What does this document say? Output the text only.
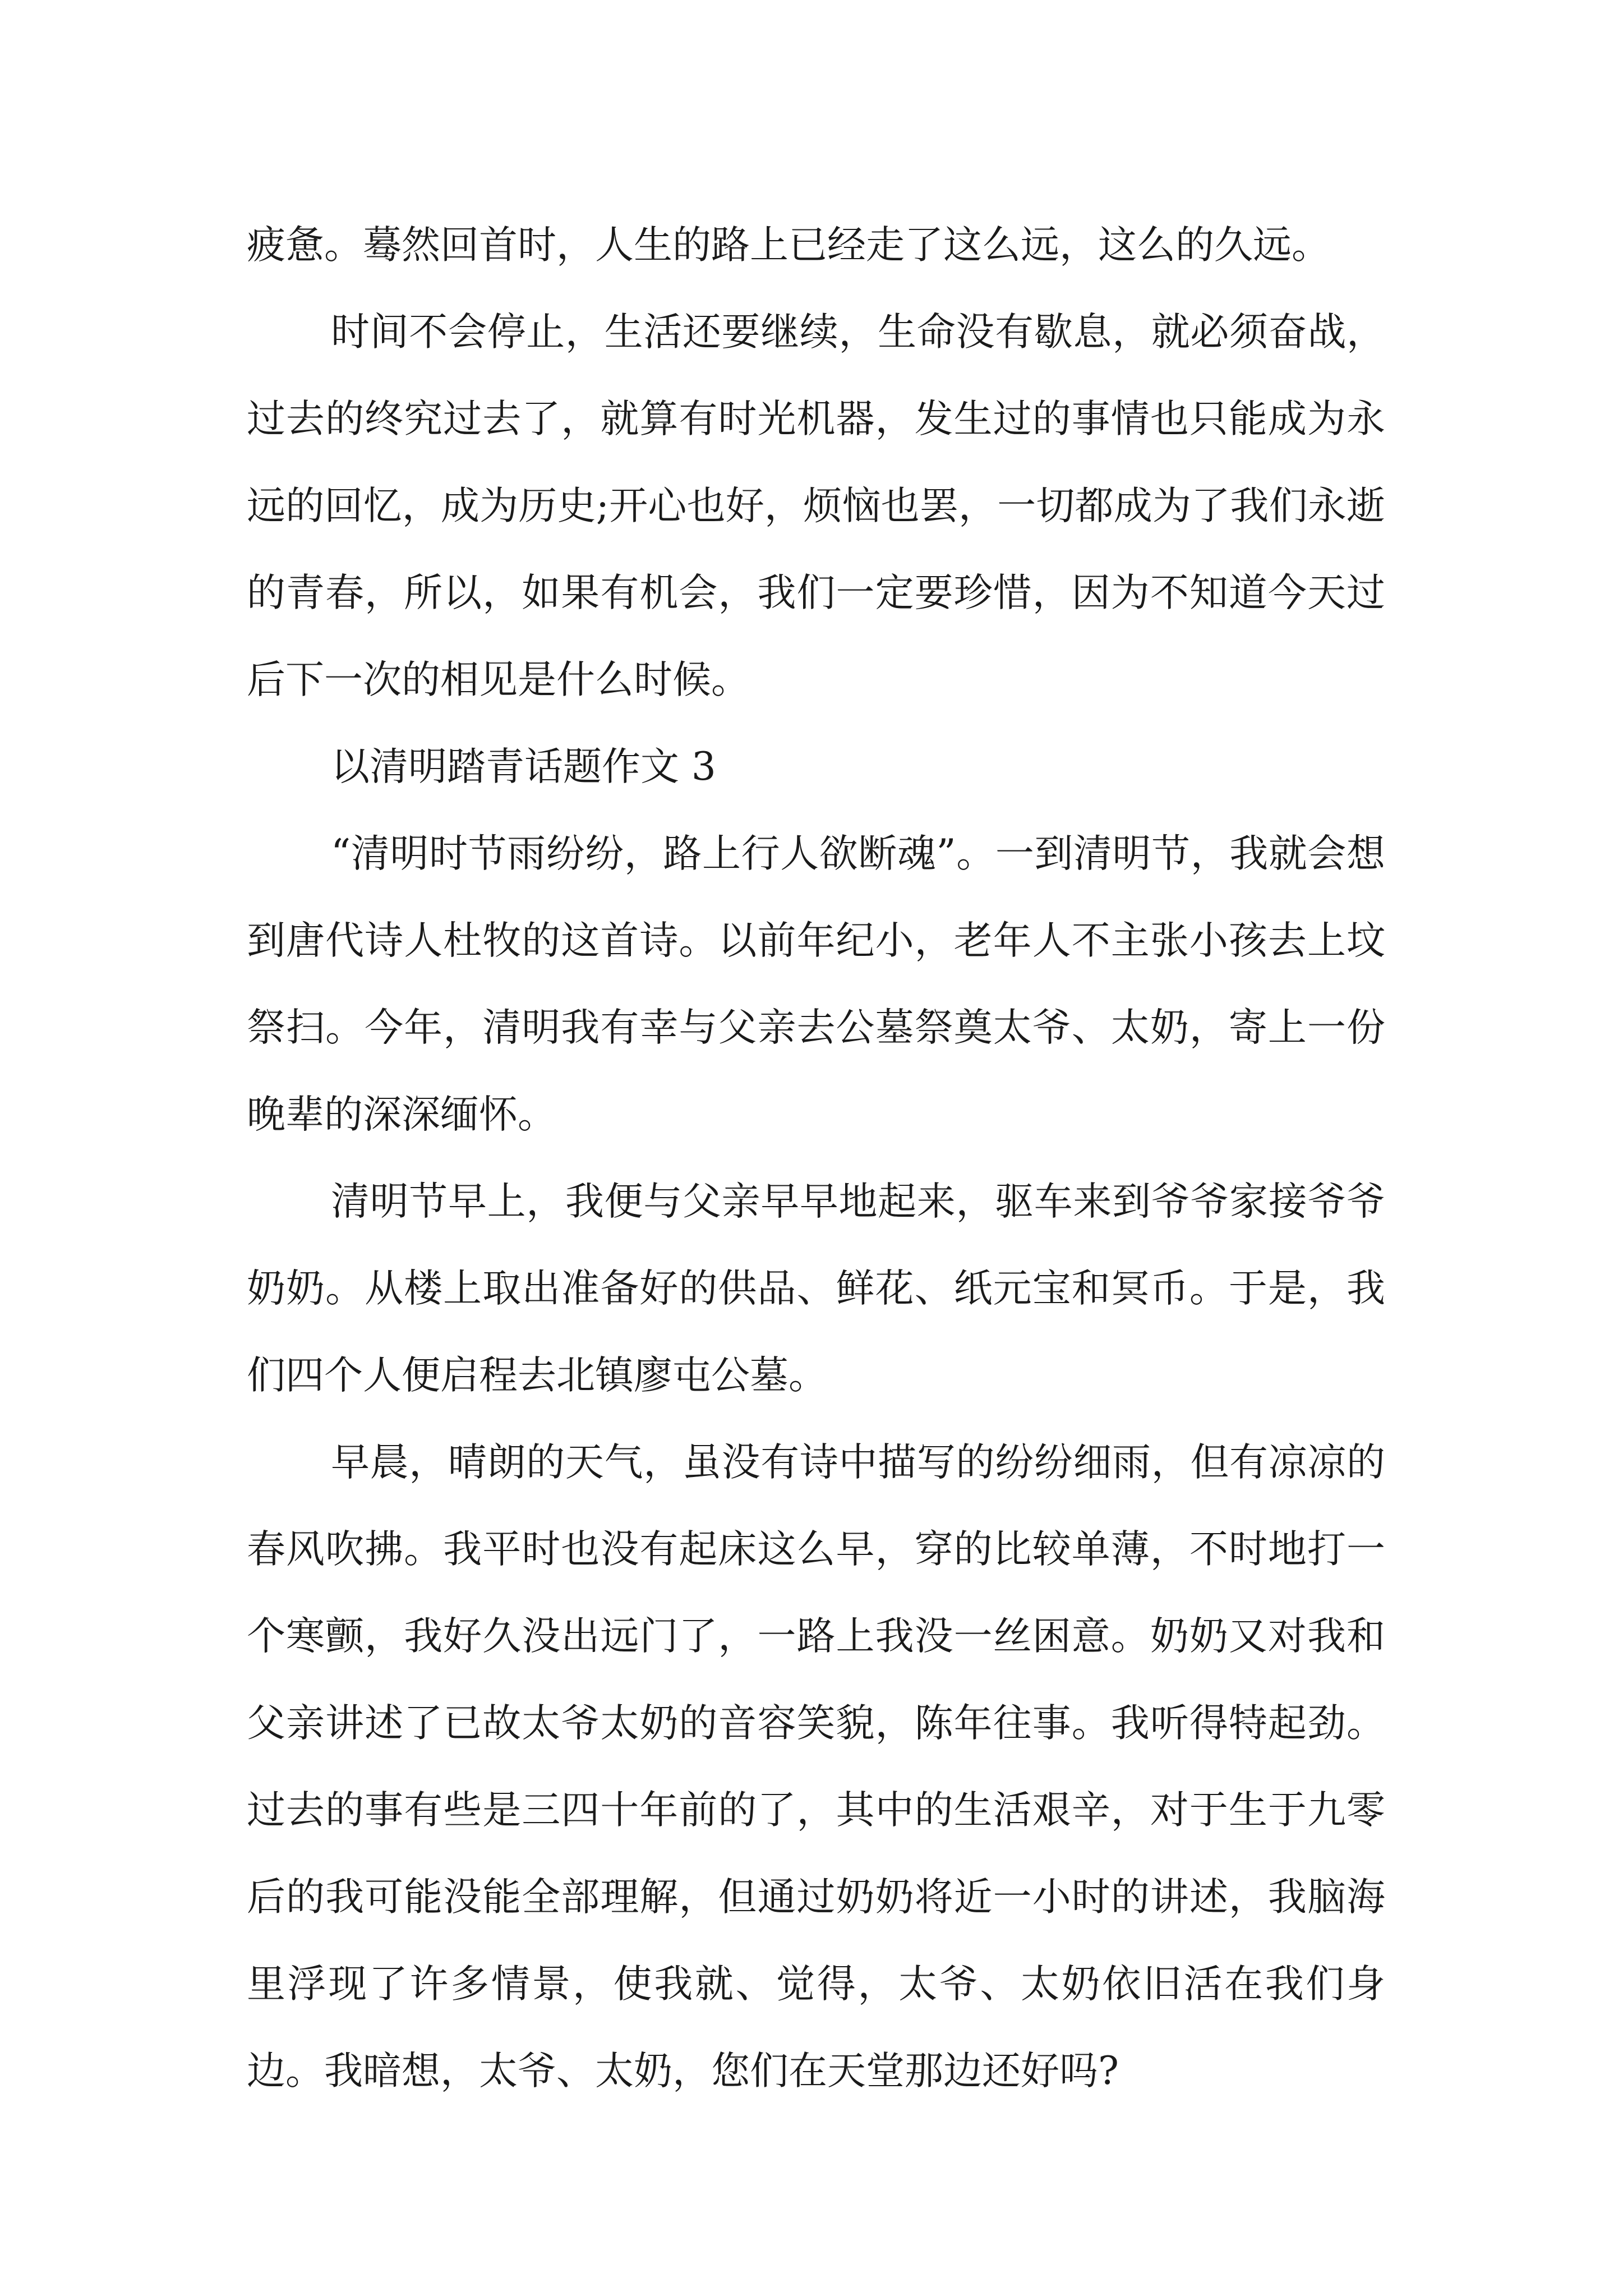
疲惫。蓦然回首时，人生的路上已经走了这么远，这么的久远。

时间不会停止，生活还要继续，生命没有歇息，就必须奋战，过去的终究过去了，就算有时光机器，发生过的事情也只能成为永远的回忆，成为历史;开心也好，烦恼也罢，一切都成为了我们永逝的青春，所以，如果有机会，我们一定要珍惜，因为不知道今天过后下一次的相见是什么时候。

以清明踏青话题作文 3

“清明时节雨纷纷，路上行人欲断魂”。一到清明节，我就会想到唐代诗人杜牧的这首诗。以前年纪小，老年人不主张小孩去上坟祭扫。今年，清明我有幸与父亲去公墓祭奠太爷、太奶，寄上一份晚辈的深深缅怀。

清明节早上，我便与父亲早早地起来，驱车来到爷爷家接爷爷奶奶。从楼上取出准备好的供品、鲜花、纸元宝和冥币。于是，我们四个人便启程去北镇廖屯公墓。

早晨，晴朗的天气，虽没有诗中描写的纷纷细雨，但有凉凉的春风吹拂。我平时也没有起床这么早，穿的比较单薄，不时地打一个寒颤，我好久没出远门了，一路上我没一丝困意。奶奶又对我和父亲讲述了已故太爷太奶的音容笑貌，陈年往事。我听得特起劲。过去的事有些是三四十年前的了，其中的生活艰辛，对于生于九零后的我可能没能全部理解，但通过奶奶将近一小时的讲述，我脑海里浮现了许多情景，使我就、觉得，太爷、太奶依旧活在我们身边。我暗想，太爷、太奶，您们在天堂那边还好吗?
